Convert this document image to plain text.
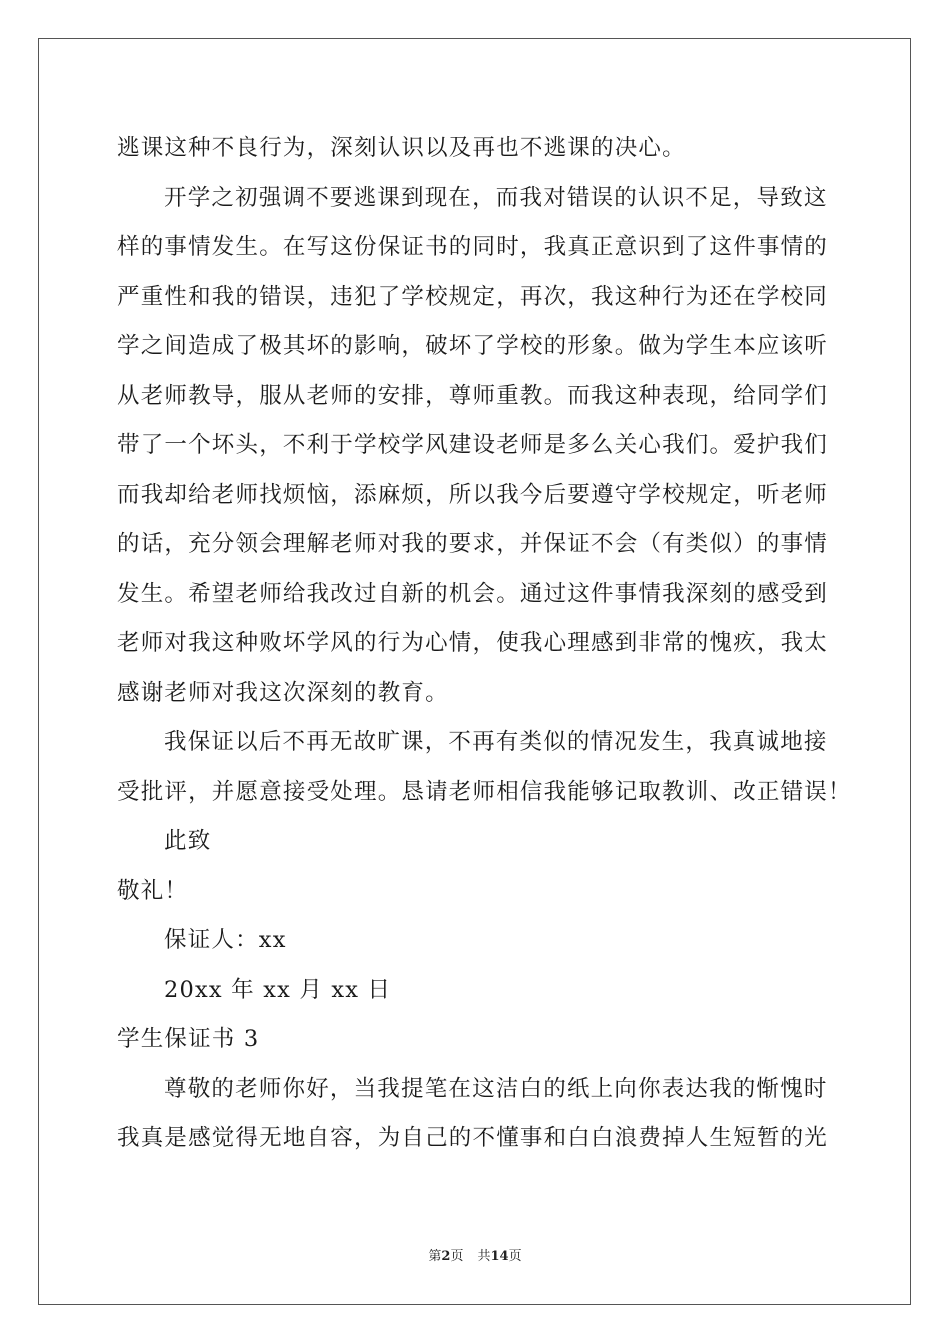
逃课这种不良行为，深刻认识以及再也不逃课的决心。
开学之初强调不要逃课到现在，而我对错误的认识不足，导致这
样的事情发生。在写这份保证书的同时，我真正意识到了这件事情的
严重性和我的错误，违犯了学校规定，再次，我这种行为还在学校同
学之间造成了极其坏的影响，破坏了学校的形象。做为学生本应该听
从老师教导，服从老师的安排，尊师重教。而我这种表现，给同学们
带了一个坏头，不利于学校学风建设老师是多么关心我们。爱护我们
而我却给老师找烦恼，添麻烦，所以我今后要遵守学校规定，听老师
的话，充分领会理解老师对我的要求，并保证不会（有类似）的事情
发生。希望老师给我改过自新的机会。通过这件事情我深刻的感受到
老师对我这种败坏学风的行为心情，使我心理感到非常的愧疚，我太
感谢老师对我这次深刻的教育。
我保证以后不再无故旷课，不再有类似的情况发生，我真诚地接
受批评，并愿意接受处理。恳请老师相信我能够记取教训、改正错误！
此致
敬礼！
保证人：xx
20xx 年 xx 月 xx 日
学生保证书 3
尊敬的老师你好，当我提笔在这洁白的纸上向你表达我的惭愧时
我真是感觉得无地自容，为自己的不懂事和白白浪费掉人生短暂的光
第2页 共14页
